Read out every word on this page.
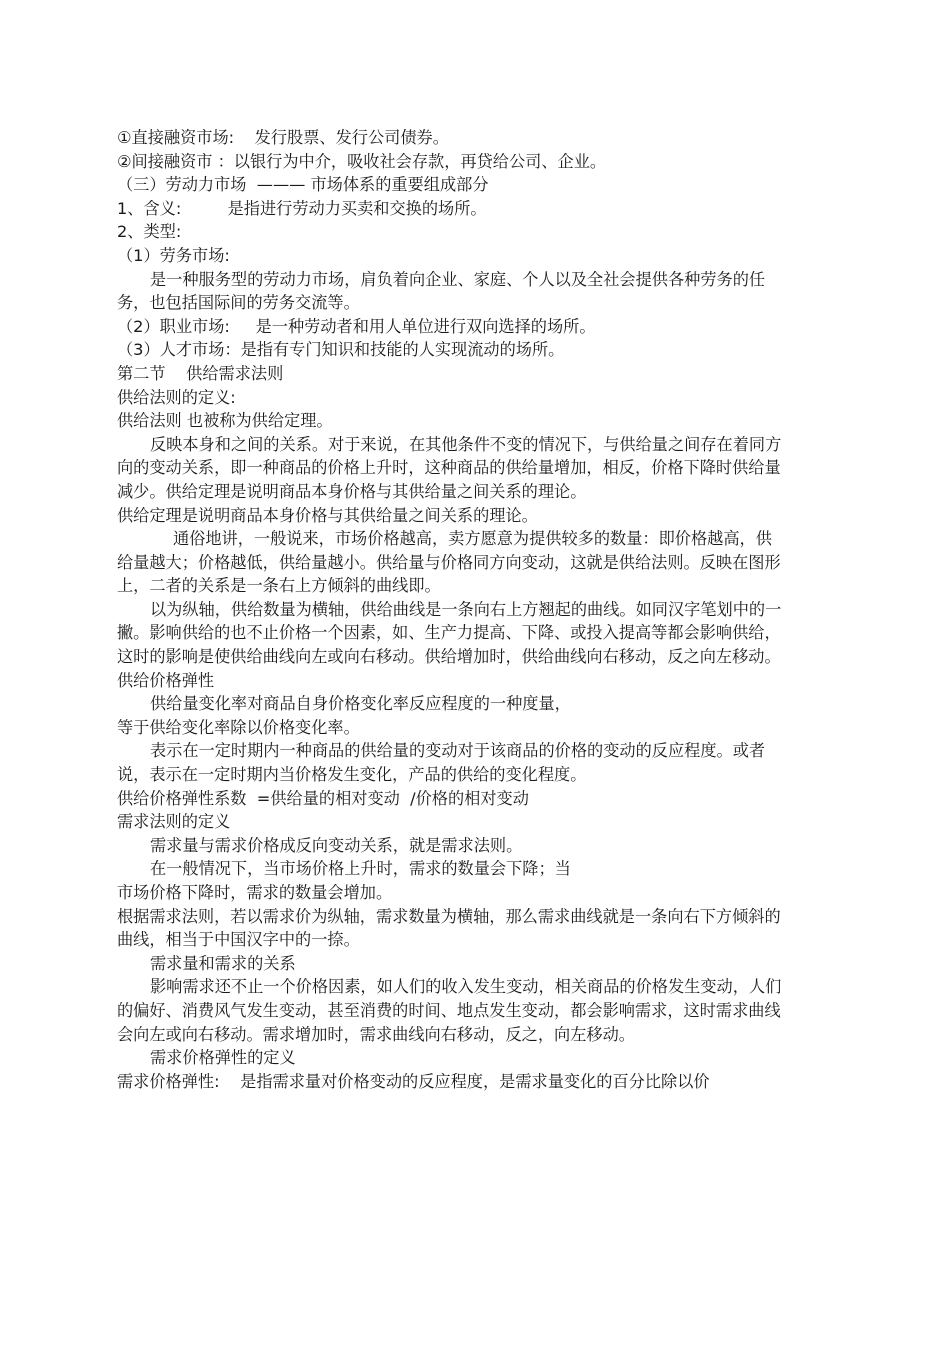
①直接融资市场:    发行股票、发行公司债券。

②间接融资市 ：以银行为中介，吸收社会存款，再贷给公司、企业。

（三）劳动力市场  ——— 市场体系的重要组成部分

1、含义:         是指进行劳动力买卖和交换的场所。

2、类型:

（1）劳务市场:

是一种服务型的劳动力市场，肩负着向企业、家庭、个人以及全社会提供各种劳务的任务，也包括国际间的劳务交流等。

（2）职业市场:     是一种劳动者和用人单位进行双向选择的场所。

（3）人才市场：是指有专门知识和技能的人实现流动的场所。

第二节    供给需求法则

供给法则的定义:

供给法则 也被称为供给定理。

反映本身和之间的关系。对于来说，在其他条件不变的情况下，与供给量之间存在着同方向的变动关系，即一种商品的价格上升时，这种商品的供给量增加，相反，价格下降时供给量减少。供给定理是说明商品本身价格与其供给量之间关系的理论。

供给定理是说明商品本身价格与其供给量之间关系的理论。

通俗地讲，一般说来，市场价格越高，卖方愿意为提供较多的数量：即价格越高，供给量越大；价格越低，供给量越小。供给量与价格同方向变动，这就是供给法则。反映在图形上，二者的关系是一条右上方倾斜的曲线即。

以为纵轴，供给数量为横轴，供给曲线是一条向右上方翘起的曲线。如同汉字笔划中的一撇。影响供给的也不止价格一个因素，如、生产力提高、下降、或投入提高等都会影响供给，这时的影响是使供给曲线向左或向右移动。供给增加时，供给曲线向右移动，反之向左移动。

供给价格弹性

供给量变化率对商品自身价格变化率反应程度的一种度量，

等于供给变化率除以价格变化率。

表示在一定时期内一种商品的供给量的变动对于该商品的价格的变动的反应程度。或者说，表示在一定时期内当价格发生变化，产品的供给的变化程度。

供给价格弹性系数  =供给量的相对变动  /价格的相对变动

需求法则的定义

需求量与需求价格成反向变动关系，就是需求法则。

在一般情况下，当市场价格上升时，需求的数量会下降；当

市场价格下降时，需求的数量会增加。

根据需求法则，若以需求价为纵轴，需求数量为横轴，那么需求曲线就是一条向右下方倾斜的曲线，相当于中国汉字中的一捺。

需求量和需求的关系

影响需求还不止一个价格因素，如人们的收入发生变动，相关商品的价格发生变动，人们的偏好、消费风气发生变动，甚至消费的时间、地点发生变动，都会影响需求，这时需求曲线会向左或向右移动。需求增加时，需求曲线向右移动，反之，向左移动。

需求价格弹性的定义

需求价格弹性:    是指需求量对价格变动的反应程度，是需求量变化的百分比除以价
